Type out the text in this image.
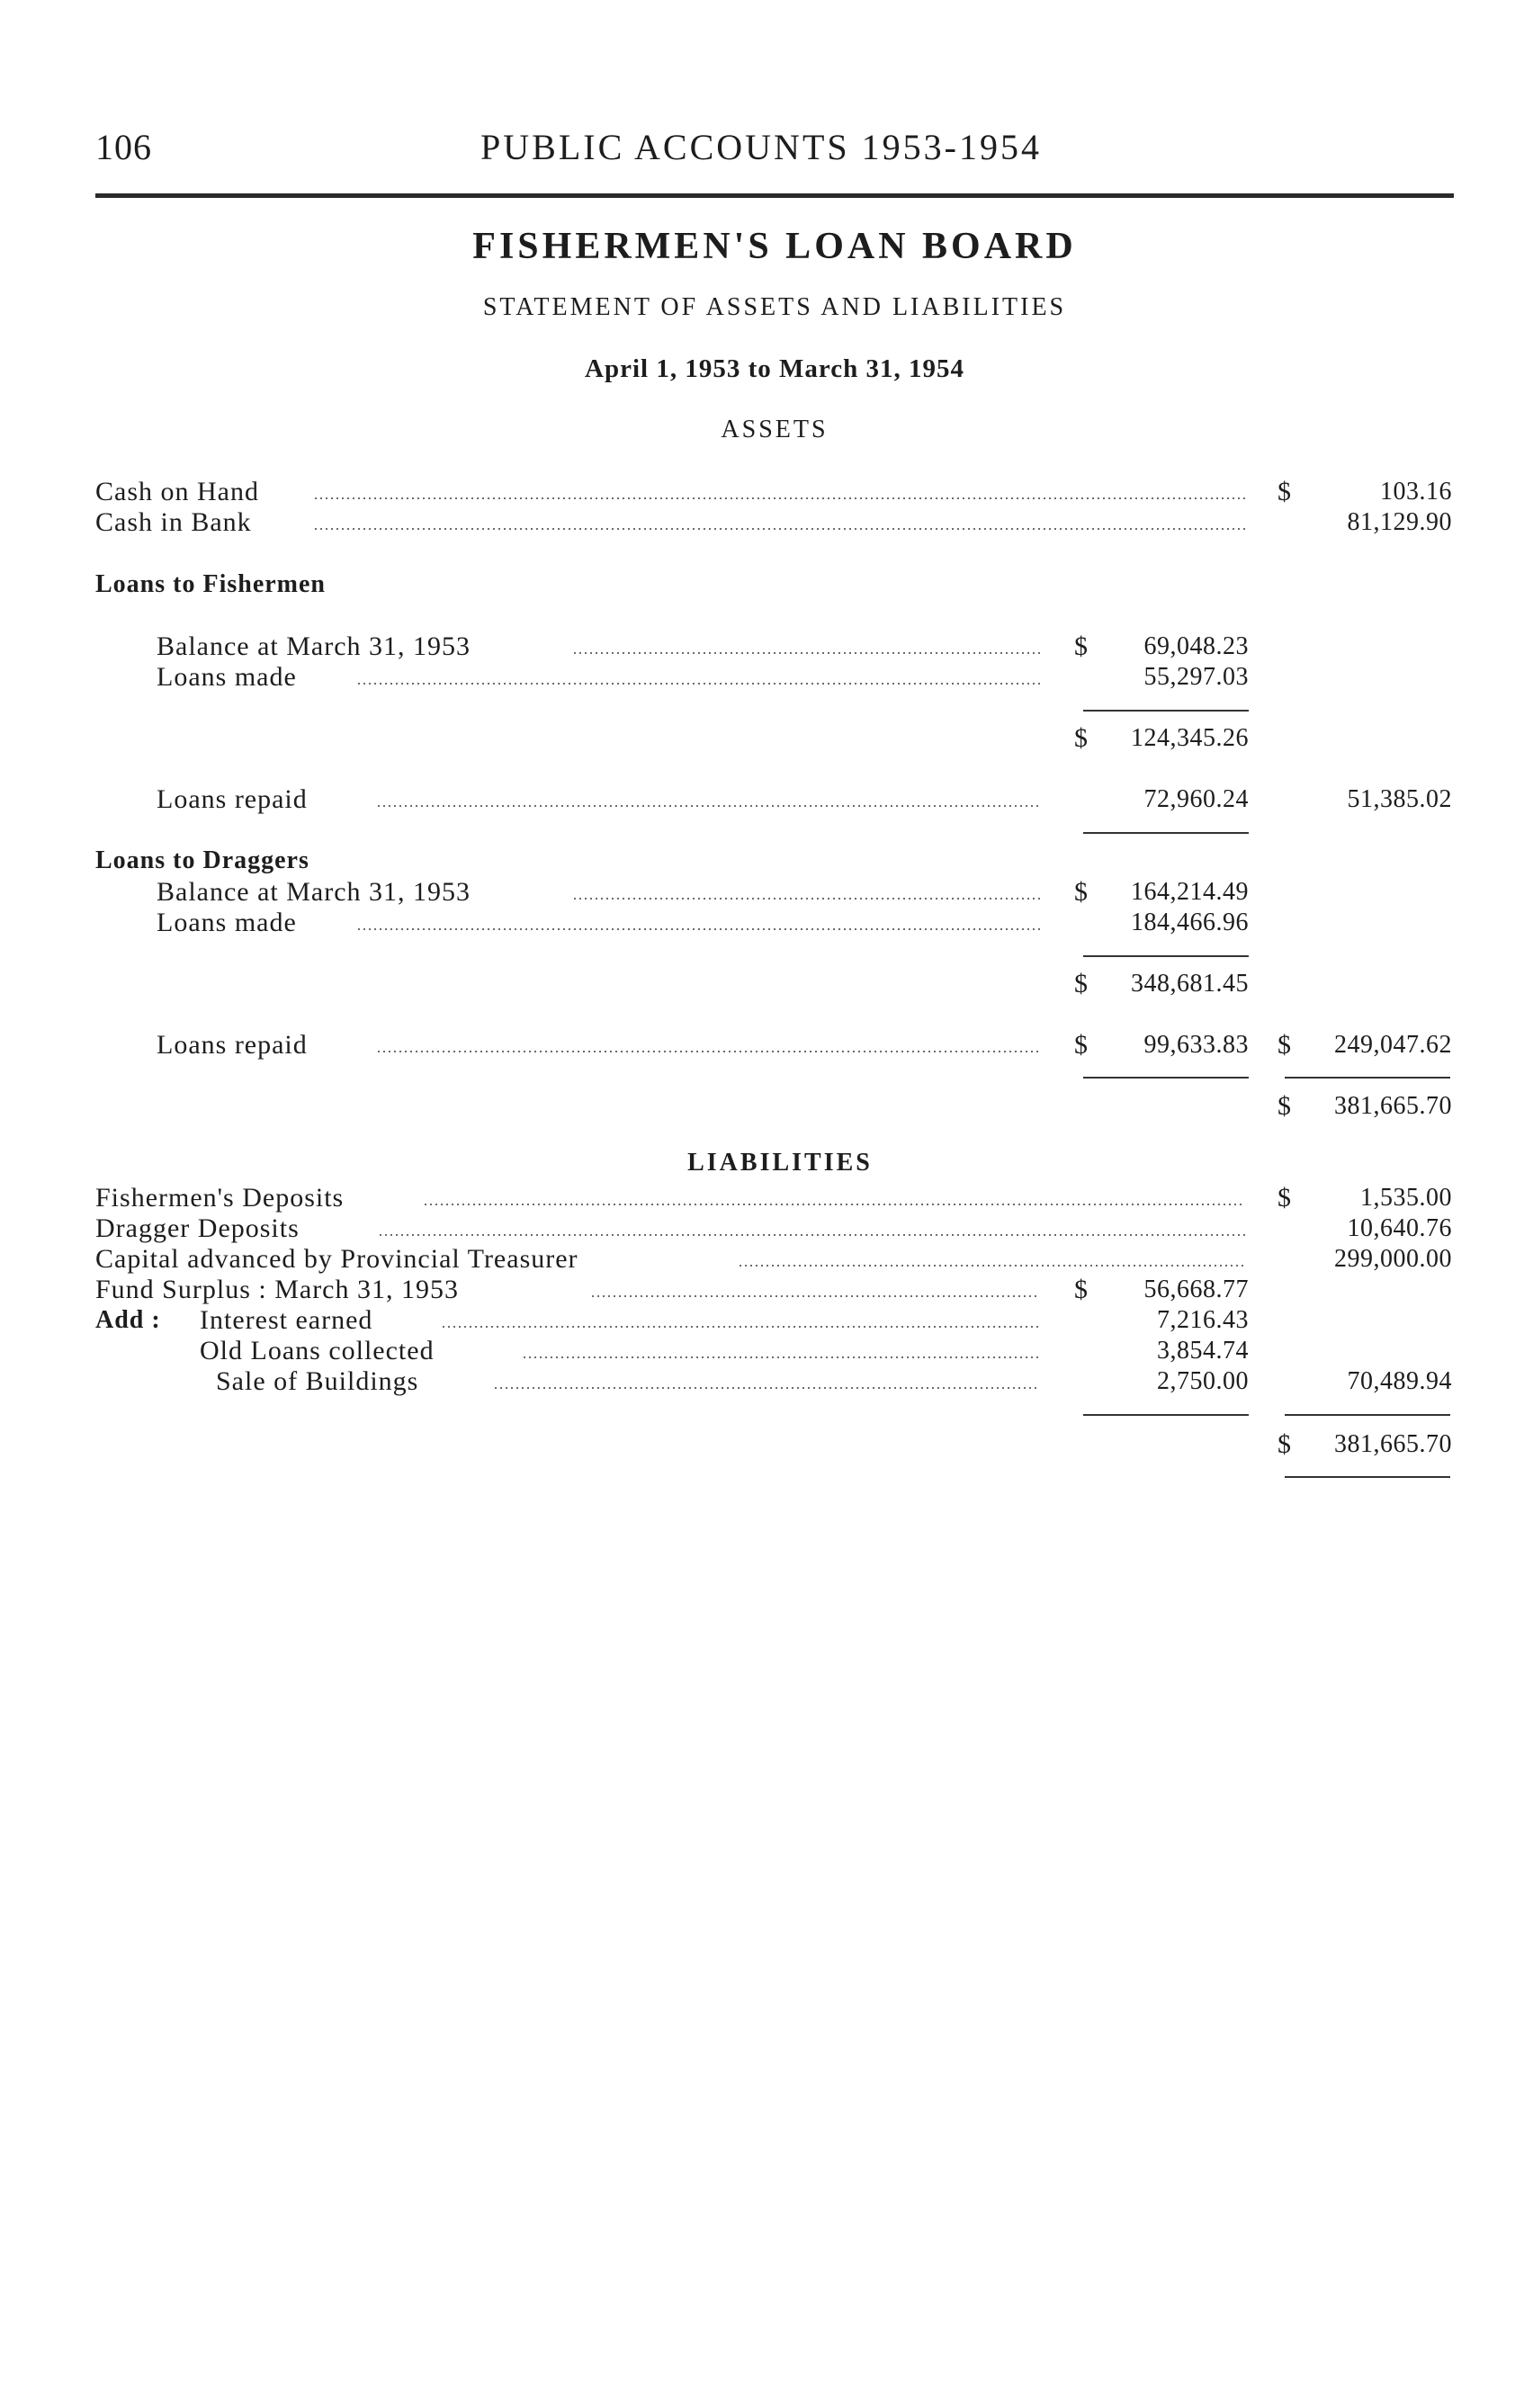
106	PUBLIC ACCOUNTS 1953-1954
FISHERMEN'S LOAN BOARD
STATEMENT OF ASSETS AND LIABILITIES
April 1, 1953 to March 31, 1954
ASSETS
Cash on Hand	$	103.16
Cash in Bank	81,129.90
Loans to Fishermen
Balance at March 31, 1953	$	69,048.23
Loans made	55,297.03
$	124,345.26
Loans repaid	72,960.24	51,385.02
Loans to Draggers
Balance at March 31, 1953	$	164,214.49
Loans made	184,466.96
$	348,681.45
Loans repaid	$	99,633.83 $	249,047.62
$	381,665.70
LIABILITIES
Fishermen's Deposits	$	1,535.00
Dragger Deposits	10,640.76
Capital advanced by Provincial Treasurer	299,000.00
Fund Surplus : March 31, 1953	$	56,668.77
Add : Interest earned	7,216.43
Old Loans collected	3,854.74
Sale of Buildings	2,750.00	70,489.94
$	381,665.70
